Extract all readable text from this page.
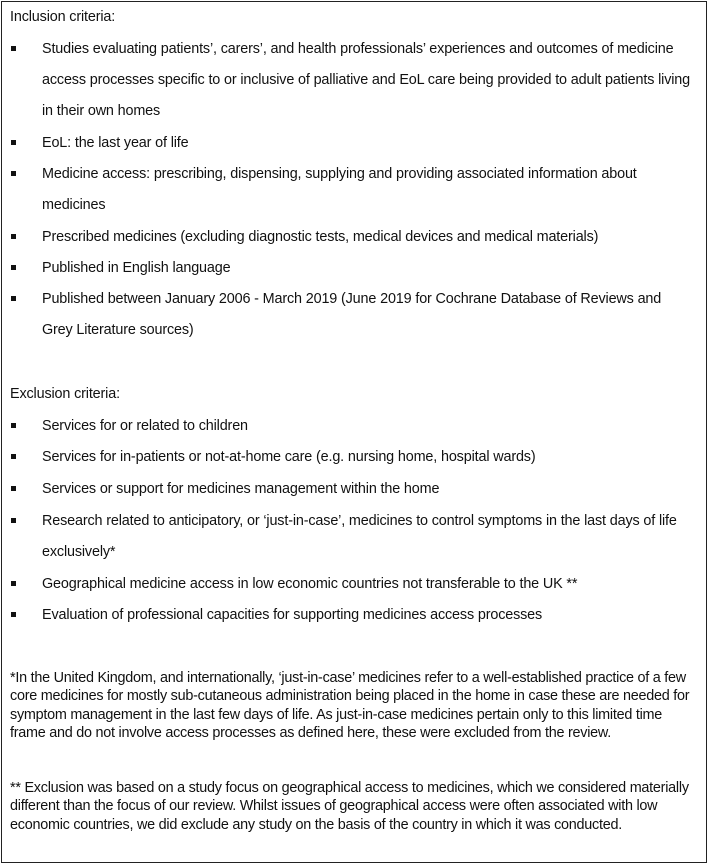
Inclusion criteria:
Studies evaluating patients’, carers’, and health professionals’ experiences and outcomes of medicine access processes specific to or inclusive of palliative and EoL care being provided to adult patients living in their own homes
EoL: the last year of life
Medicine access: prescribing, dispensing, supplying and providing associated information about medicines
Prescribed medicines (excluding diagnostic tests, medical devices and medical materials)
Published in English language
Published between January 2006 - March 2019 (June 2019 for Cochrane Database of Reviews and Grey Literature sources)
Exclusion criteria:
Services for or related to children
Services for in-patients or not-at-home care (e.g. nursing home, hospital wards)
Services or support for medicines management within the home
Research related to anticipatory, or ‘just-in-case’, medicines to control symptoms in the last days of life exclusively*
Geographical medicine access in low economic countries not transferable to the UK **
Evaluation of professional capacities for supporting medicines access processes
*In the United Kingdom, and internationally, ‘just-in-case’ medicines refer to a well-established practice of a few core medicines for mostly sub-cutaneous administration being placed in the home in case these are needed for symptom management in the last few days of life. As just-in-case medicines pertain only to this limited time frame and do not involve access processes as defined here, these were excluded from the review.
** Exclusion was based on a study focus on geographical access to medicines, which we considered materially different than the focus of our review. Whilst issues of geographical access were often associated with low economic countries, we did exclude any study on the basis of the country in which it was conducted.
